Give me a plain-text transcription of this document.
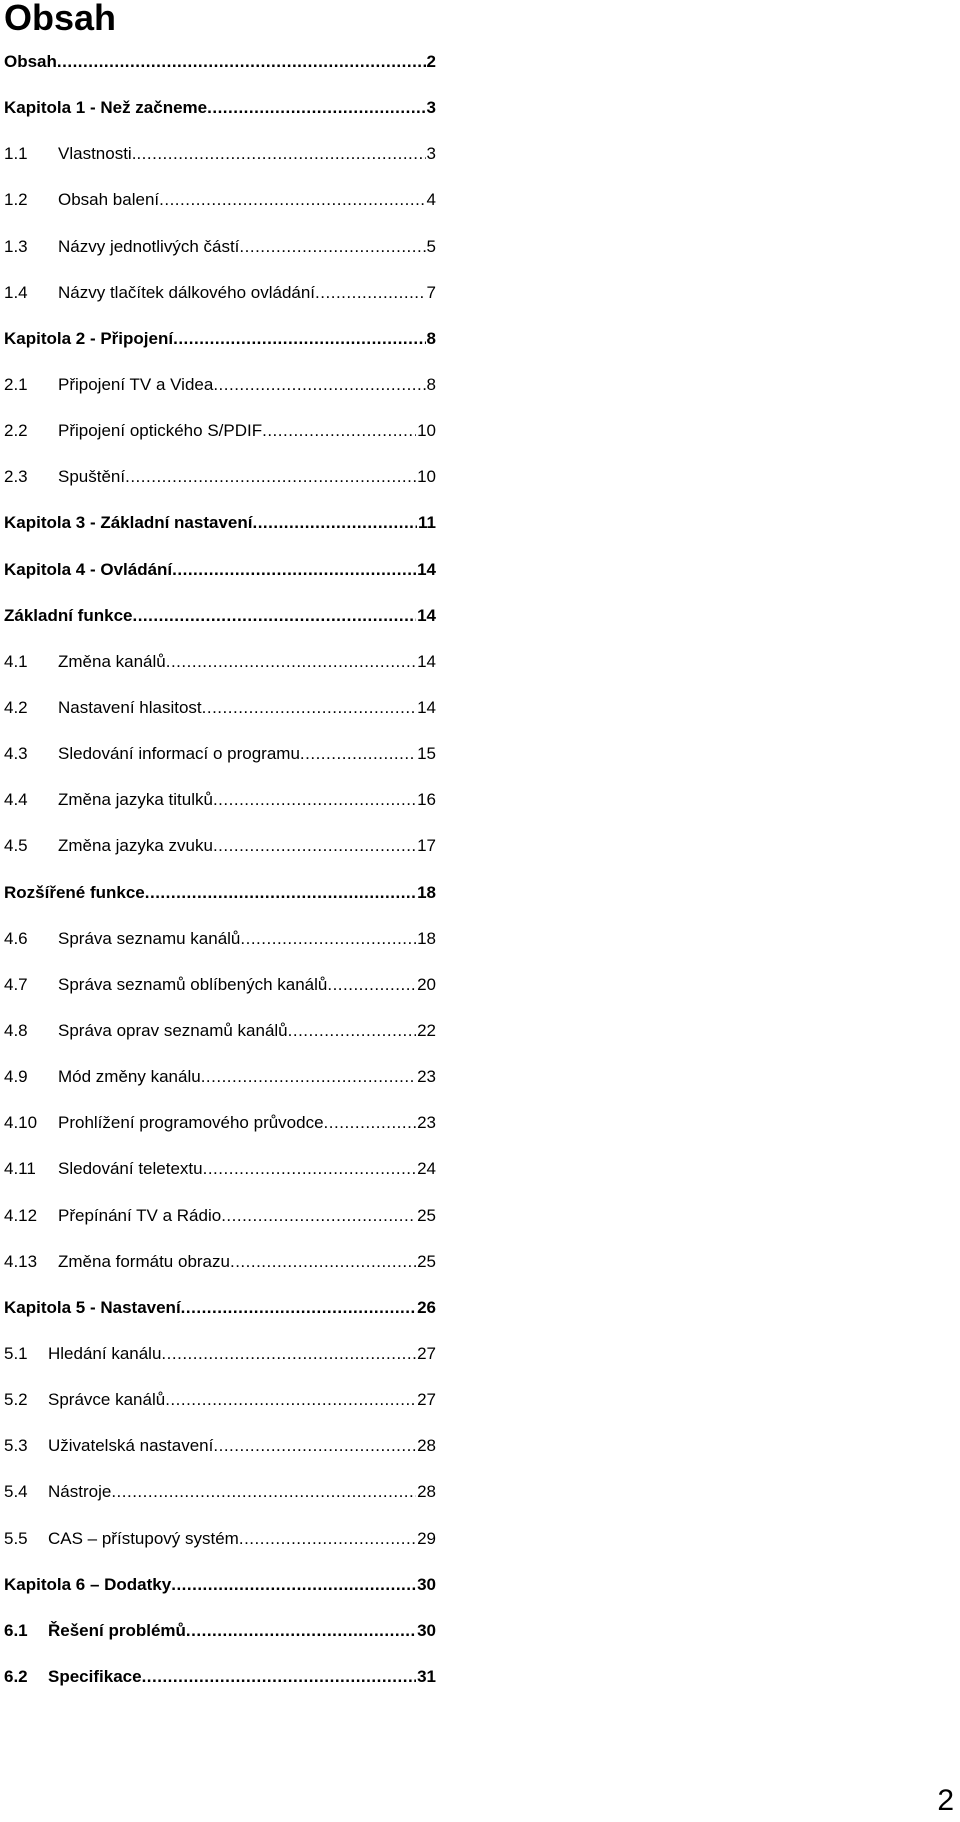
Obsah
Obsah .....	2
Kapitola 1 - Než začneme .....	3
1.1	Vlastnosti. .....	3
1.2	Obsah balení .....	4
1.3	Názvy jednotlivých částí .....	5
1.4	Názvy tlačítek dálkového ovládání .....	7
Kapitola 2 - Připojení .....	8
2.1	Připojení TV a Videa .....	8
2.2	Připojení optického S/PDIF .....	10
2.3	Spuštění .....	10
Kapitola 3 - Základní nastavení .....	11
Kapitola 4 - Ovládání .....	14
Základní funkce .....	14
4.1	Změna kanálů .....	14
4.2	Nastavení hlasitost .....	14
4.3	Sledování informací o programu .....	15
4.4	Změna jazyka titulků .....	16
4.5	Změna jazyka zvuku .....	17
Rozšířené funkce .....	18
4.6	Správa seznamu kanálů .....	18
4.7	Správa seznamů oblíbených kanálů .....	20
4.8	Správa oprav seznamů kanálů .....	22
4.9	Mód změny kanálu .....	23
4.10	Prohlížení programového průvodce .....	23
4.11	Sledování teletextu .....	24
4.12	Přepínání TV a Rádio .....	25
4.13	Změna formátu obrazu .....	25
Kapitola 5 - Nastavení .....	26
5.1	Hledání kanálu .....	27
5.2	Správce kanálů .....	27
5.3	Uživatelská nastavení .....	28
5.4	Nástroje .....	28
5.5	CAS – přístupový systém .....	29
Kapitola 6 – Dodatky .....	30
6.1	Řešení problémů .....	30
6.2	Specifikace .....	31
2
